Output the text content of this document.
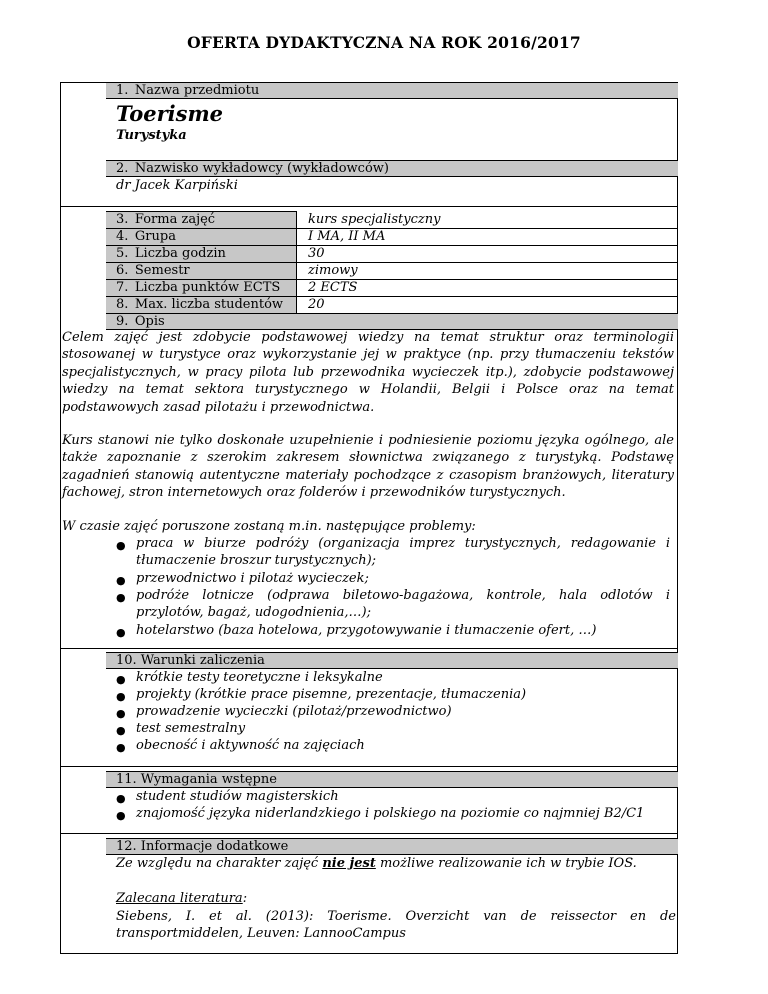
OFERTA DYDAKTYCZNA NA ROK 2016/2017
1. Nazwa przedmiotu
Toerisme
Turystyka
2. Nazwisko wykładowcy (wykładowców)
dr Jacek Karpiński
3. Forma zajęć
4. Grupa
5. Liczba godzin
6. Semestr
7. Liczba punktów ECTS
8. Max. liczba studentów
kurs specjalistyczny
I MA, II MA
30
zimowy
2 ECTS
20
9. Opis
Celem zajęć jest zdobycie podstawowej wiedzy na temat struktur oraz terminologii stosowanej w turystyce oraz wykorzystanie jej w praktyce (np. przy tłumaczeniu tekstów specjalistycznych, w pracy pilota lub przewodnika wycieczek itp.), zdobycie podstawowej wiedzy na temat sektora turystycznego w Holandii, Belgii i Polsce oraz na temat podstawowych zasad pilotażu i przewodnictwa.
Kurs stanowi nie tylko doskonałe uzupełnienie i podniesienie poziomu języka ogólnego, ale także zapoznanie z szerokim zakresem słownictwa związanego z turystyką. Podstawę zagadnień stanowią autentyczne materiały pochodzące z czasopism branżowych, literatury fachowej, stron internetowych oraz folderów i przewodników turystycznych.
W czasie zajęć poruszone zostaną m.in. następujące problemy:
● praca w biurze podróży (organizacja imprez turystycznych, redagowanie i tłumaczenie broszur turystycznych);
● przewodnictwo i pilotaż wycieczek;
● podróże lotnicze (odprawa biletowo-bagażowa, kontrole, hala odlotów i przylotów, bagaż, udogodnienia,…);
● hotelarstwo (baza hotelowa, przygotowywanie i tłumaczenie ofert, …)
10. Warunki zaliczenia
● krótkie testy teoretyczne i leksykalne
● projekty (krótkie prace pisemne, prezentacje, tłumaczenia)
● prowadzenie wycieczki (pilotaż/przewodnictwo)
● test semestralny
● obecność i aktywność na zajęciach
11. Wymagania wstępne
● student studiów magisterskich
● znajomość języka niderlandzkiego i polskiego na poziomie co najmniej B2/C1
12. Informacje dodatkowe
Ze względu na charakter zajęć nie jest możliwe realizowanie ich w trybie IOS.
Zalecana literatura:
Siebens, I. et al. (2013): Toerisme. Overzicht van de reissector en de transportmiddelen, Leuven: LannooCampus
